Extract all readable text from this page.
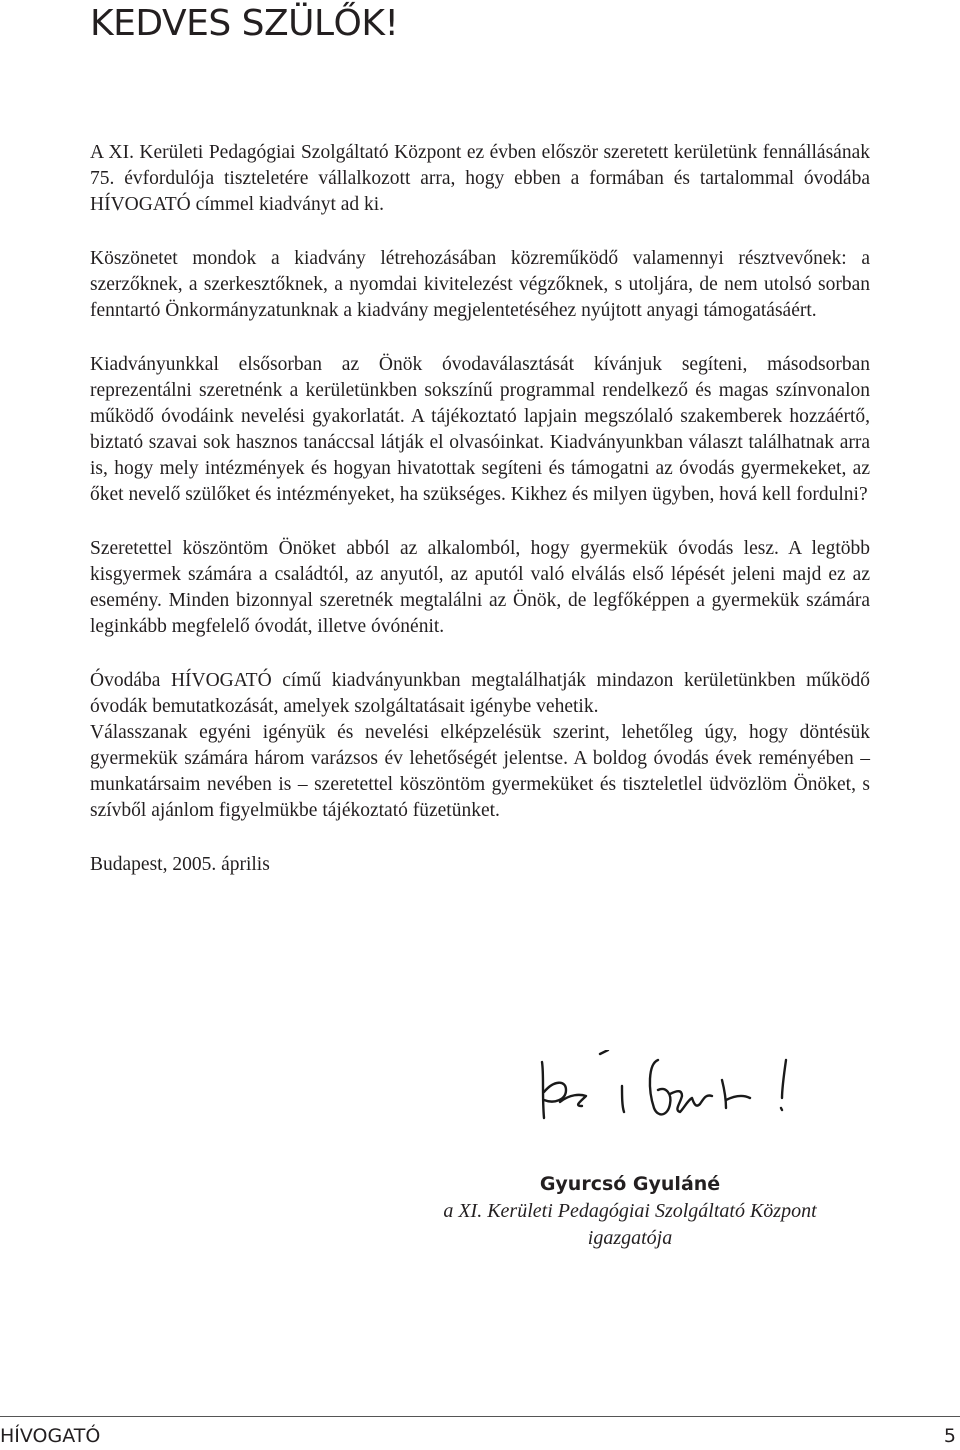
KEDVES SZÜLŐK!

A XI. Kerületi Pedagógiai Szolgáltató Központ ez évben először szeretett kerületünk fennállásának 75. évfordulója tiszteletére vállalkozott arra, hogy ebben a formában és tartalommal óvodába HÍVOGATÓ címmel kiadványt ad ki.

Köszönetet mondok a kiadvány létrehozásában közreműködő valamennyi résztvevőnek: a szerzőknek, a szerkesztőknek, a nyomdai kivitelezést végzőknek, s utoljára, de nem utolsó sorban fenntartó Önkormányzatunknak a kiadvány megjelentetéséhez nyújtott anyagi támogatásáért.

Kiadványunkkal elsősorban az Önök óvodaválasztását kívánjuk segíteni, másodsorban reprezentálni szeretnénk a kerületünkben sokszínű programmal rendelkező és magas színvonalon működő óvodáink nevelési gyakorlatát. A tájékoztató lapjain megszólaló szakemberek hozzáértő, biztató szavai sok hasznos tanáccsal látják el olvasóinkat. Kiadványunkban választ találhatnak arra is, hogy mely intézmények és hogyan hivatottak segíteni és támogatni az óvodás gyermekeket, az őket nevelő szülőket és intézményeket, ha szükséges. Kikhez és milyen ügyben, hová kell fordulni?

Szeretettel köszöntöm Önöket abból az alkalomból, hogy gyermekük óvodás lesz. A legtöbb kisgyermek számára a családtól, az anyutól, az aputól való elválás első lépését jeleni majd ez az esemény. Minden bizonnyal szeretnék megtalálni az Önök, de legfőképpen a gyermekük számára leginkább megfelelő óvodát, illetve óvónénit.

Óvodába HÍVOGATÓ című kiadványunkban megtalálhatják mindazon kerületünkben működő óvodák bemutatkozását, amelyek szolgáltatásait igénybe vehetik.

Válasszanak egyéni igényük és nevelési elképzelésük szerint, lehetőleg úgy, hogy döntésük gyermekük számára három varázsos év lehetőségét jelentse. A boldog óvodás évek reményében – munkatársaim nevében is – szeretettel köszöntöm gyermeküket és tiszteletlel üdvözlöm Önöket, s szívből ajánlom figyelmükbe tájékoztató füzetünket.

Budapest, 2005. április

Gyurcsó Gyuláné
a XI. Kerületi Pedagógiai Szolgáltató Központ
igazgatója
HÍVOGATÓ	5
